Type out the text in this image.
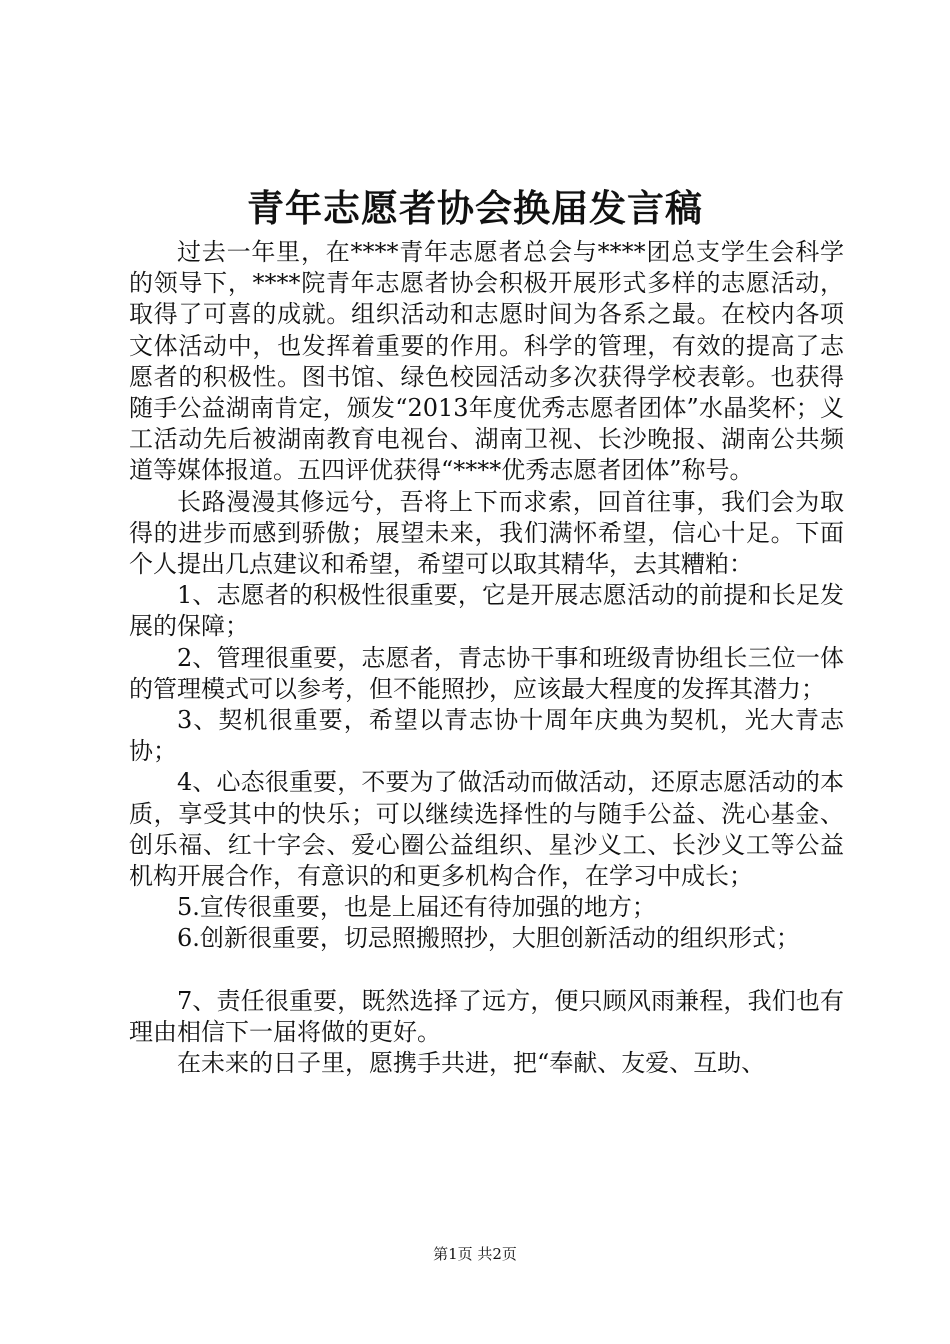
青年志愿者协会换届发言稿

过去一年里，在****青年志愿者总会与****团总支学生会科学的领导下，****院青年志愿者协会积极开展形式多样的志愿活动，取得了可喜的成就。组织活动和志愿时间为各系之最。在校内各项文体活动中，也发挥着重要的作用。科学的管理，有效的提高了志愿者的积极性。图书馆、绿色校园活动多次获得学校表彰。也获得随手公益湖南肯定，颁发“2013年度优秀志愿者团体”水晶奖杯；义工活动先后被湖南教育电视台、湖南卫视、长沙晚报、湖南公共频道等媒体报道。五四评优获得“****优秀志愿者团体”称号。

长路漫漫其修远兮，吾将上下而求索，回首往事，我们会为取得的进步而感到骄傲；展望未来，我们满怀希望，信心十足。下面个人提出几点建议和希望，希望可以取其精华，去其糟粕：

1、志愿者的积极性很重要，它是开展志愿活动的前提和长足发展的保障；

2、管理很重要，志愿者，青志协干事和班级青协组长三位一体的管理模式可以参考，但不能照抄，应该最大程度的发挥其潜力；

3、契机很重要，希望以青志协十周年庆典为契机，光大青志协；

4、心态很重要，不要为了做活动而做活动，还原志愿活动的本质，享受其中的快乐；可以继续选择性的与随手公益、洗心基金、创乐福、红十字会、爱心圈公益组织、星沙义工、长沙义工等公益机构开展合作，有意识的和更多机构合作，在学习中成长；

5.宣传很重要，也是上届还有待加强的地方；

6.创新很重要，切忌照搬照抄，大胆创新活动的组织形式；

7、责任很重要，既然选择了远方，便只顾风雨兼程，我们也有理由相信下一届将做的更好。

在未来的日子里，愿携手共进，把“奉献、友爱、互助、

第1页 共2页
